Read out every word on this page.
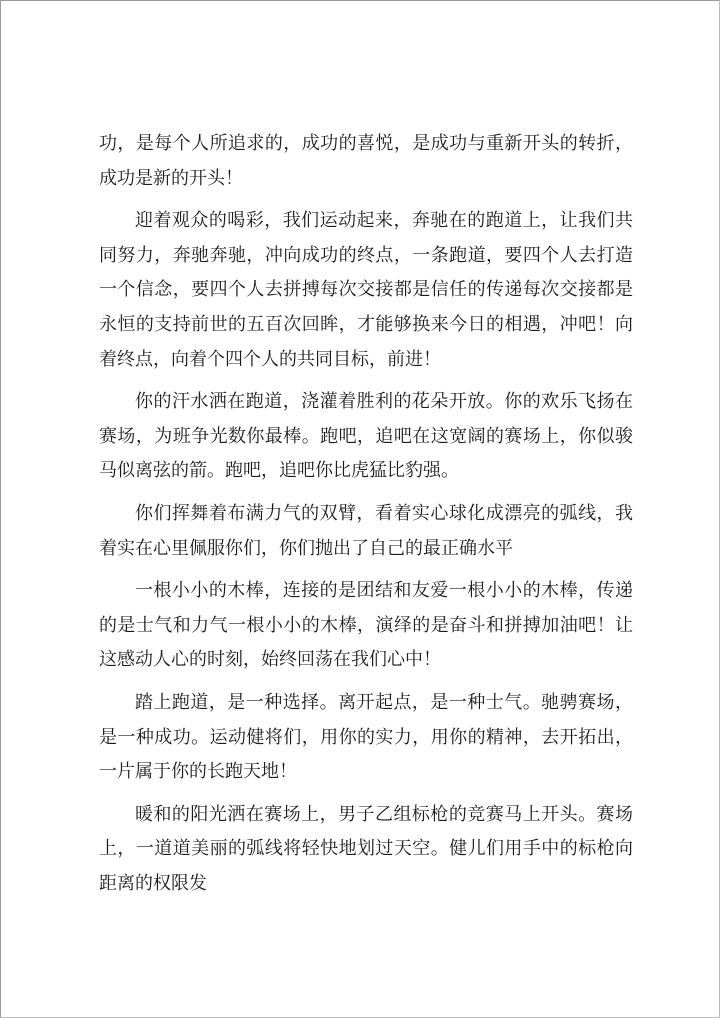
功，是每个人所追求的，成功的喜悦，是成功与重新开头的转折，成功是新的开头！

迎着观众的喝彩，我们运动起来，奔驰在的跑道上，让我们共同努力，奔驰奔驰，冲向成功的终点，一条跑道，要四个人去打造一个信念，要四个人去拼搏每次交接都是信任的传递每次交接都是永恒的支持前世的五百次回眸，才能够换来今日的相遇，冲吧！向着终点，向着个四个人的共同目标，前进！

你的汗水洒在跑道，浇灌着胜利的花朵开放。你的欢乐飞扬在赛场，为班争光数你最棒。跑吧，追吧在这宽阔的赛场上，你似骏马似离弦的箭。跑吧，追吧你比虎猛比豹强。

你们挥舞着布满力气的双臂，看着实心球化成漂亮的弧线，我着实在心里佩服你们，你们抛出了自己的最正确水平

一根小小的木棒，连接的是团结和友爱一根小小的木棒，传递的是士气和力气一根小小的木棒，演绎的是奋斗和拼搏加油吧！让这感动人心的时刻，始终回荡在我们心中！

踏上跑道，是一种选择。离开起点，是一种士气。驰骋赛场，是一种成功。运动健将们，用你的实力，用你的精神，去开拓出，一片属于你的长跑天地！

暖和的阳光洒在赛场上，男子乙组标枪的竞赛马上开头。赛场上，一道道美丽的弧线将轻快地划过天空。健儿们用手中的标枪向距离的权限发
